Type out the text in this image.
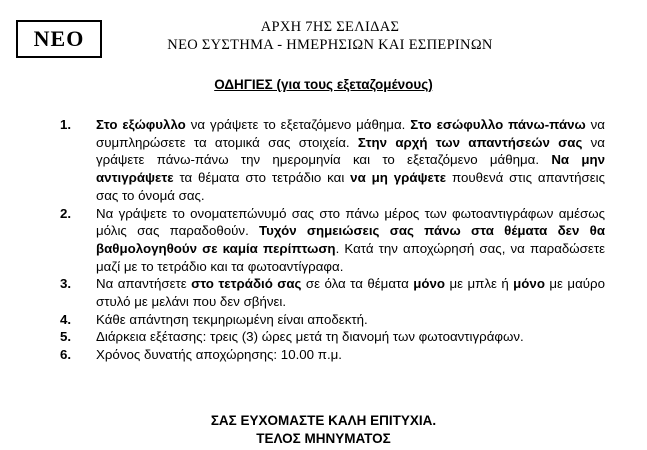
ΝΕΟ	ΑΡΧΗ 7ΗΣ ΣΕΛΙΔΑΣ
ΝΕΟ ΣΥΣΤΗΜΑ - ΗΜΕΡΗΣΙΩΝ ΚΑΙ ΕΣΠΕΡΙΝΩΝ
ΟΔΗΓΙΕΣ (για τους εξεταζομένους)
1. Στο εξώφυλλο να γράψετε το εξεταζόμενο μάθημα. Στο εσώφυλλο πάνω-πάνω να συμπληρώσετε τα ατομικά σας στοιχεία. Στην αρχή των απαντήσεών σας να γράψετε πάνω-πάνω την ημερομηνία και το εξεταζόμενο μάθημα. Να μην αντιγράψετε τα θέματα στο τετράδιο και να μη γράψετε πουθενά στις απαντήσεις σας το όνομά σας.
2. Να γράψετε το ονοματεπώνυμό σας στο πάνω μέρος των φωτοαντιγράφων αμέσως μόλις σας παραδοθούν. Τυχόν σημειώσεις σας πάνω στα θέματα δεν θα βαθμολογηθούν σε καμία περίπτωση. Κατά την αποχώρησή σας, να παραδώσετε μαζί με το τετράδιο και τα φωτοαντίγραφα.
3. Να απαντήσετε στο τετράδιό σας σε όλα τα θέματα μόνο με μπλε ή μόνο με μαύρο στυλό με μελάνι που δεν σβήνει.
4. Κάθε απάντηση τεκμηριωμένη είναι αποδεκτή.
5. Διάρκεια εξέτασης: τρεις (3) ώρες μετά τη διανομή των φωτοαντιγράφων.
6. Χρόνος δυνατής αποχώρησης: 10.00 π.μ.
ΣΑΣ ΕΥΧΟΜΑΣΤΕ ΚΑΛΗ ΕΠΙΤΥΧΙΑ.
ΤΕΛΟΣ ΜΗΝΥΜΑΤΟΣ
